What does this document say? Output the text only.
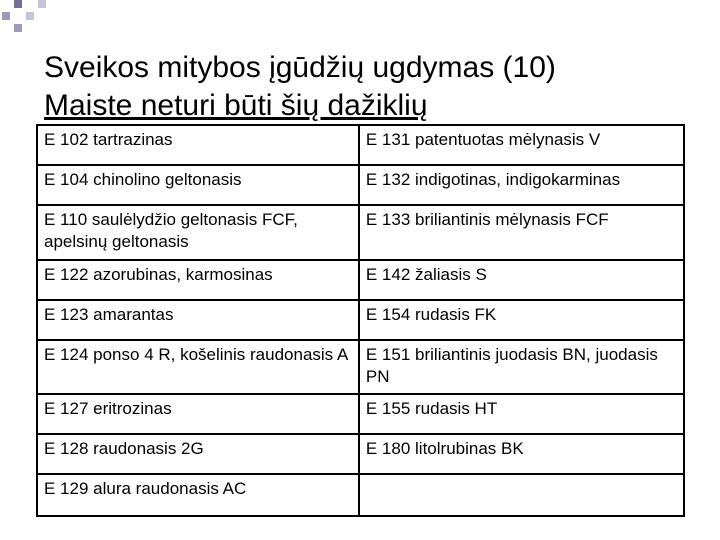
Sveikos mitybos įgūdžių ugdymas (10)
Maiste neturi būti šių dažiklių
E 102 tartrazinas	E 131 patentuotas mėlynasis V
E 104 chinolino geltonasis	E 132 indigotinas, indigokarminas
E 110 saulėlydžio geltonasis FCF, apelsinų geltonasis	E 133 briliantinis mėlynasis FCF
E 122 azorubinas, karmosinas	E 142 žaliasis S
E 123 amarantas	E 154 rudasis FK
E 124 ponso 4 R, košelinis raudonasis A	E 151 briliantinis juodasis BN, juodasis PN
E 127 eritrozinas	E 155 rudasis HT
E 128 raudonasis 2G	E 180 litolrubinas BK
E 129 alura raudonasis AC	
